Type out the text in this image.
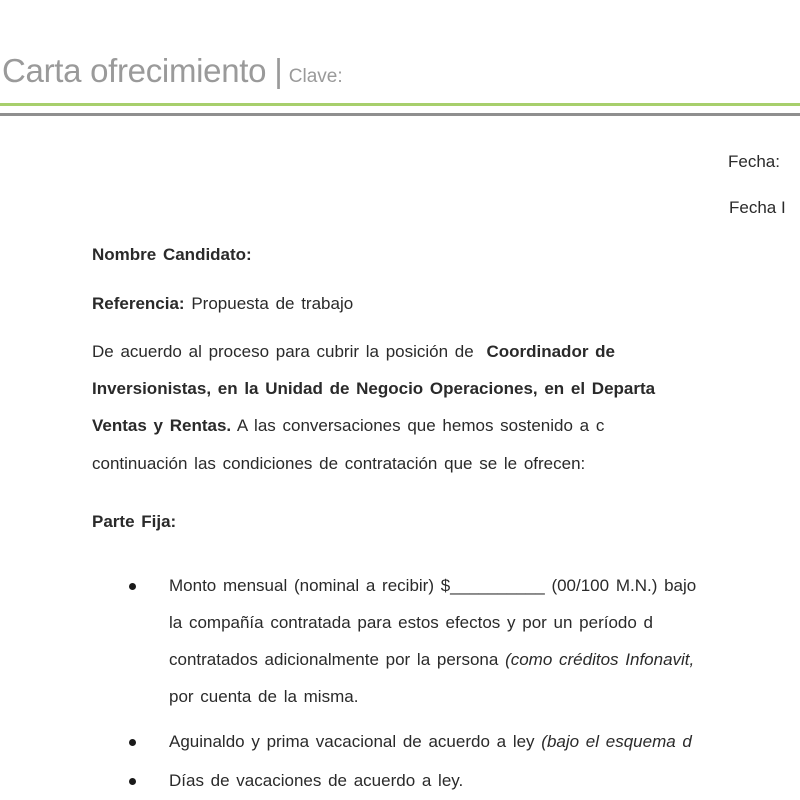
Carta ofrecimiento | Clave:
Fecha:
Fecha I
Nombre Candidato:
Referencia: Propuesta de trabajo
De acuerdo al proceso para cubrir la posición de Coordinador de
Inversionistas, en la Unidad de Negocio Operaciones, en el Departa
Ventas y Rentas. A las conversaciones que hemos sostenido a c
continuación las condiciones de contratación que se le ofrecen:
Parte Fija:
Monto mensual (nominal a recibir) $__________ (00/100 M.N.) bajo
la compañía contratada para estos efectos y por un período d
contratados adicionalmente por la persona (como créditos Infonavit,
por cuenta de la misma.
Aguinaldo y prima vacacional de acuerdo a ley (bajo el esquema d
Días de vacaciones de acuerdo a ley.
